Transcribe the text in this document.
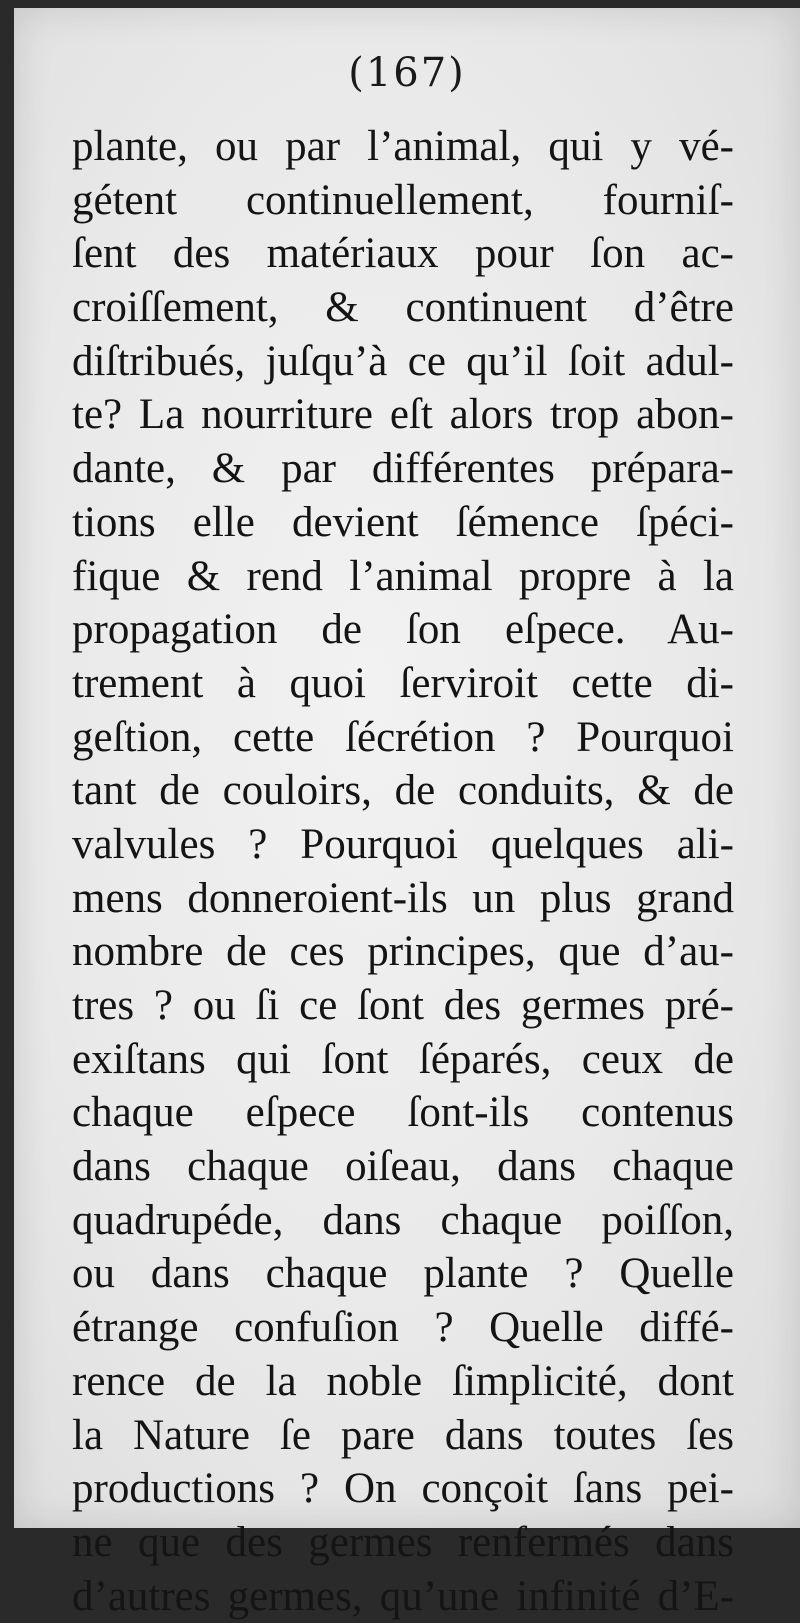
(167)
plante, ou par l’animal, qui y vé-
gétent continuellement, fourniſ-
ſent des matériaux pour ſon ac-
croiſſement, & continuent d’être
diſtribués, juſqu’à ce qu’il ſoit adul-
te? La nourriture eſt alors trop abon-
dante, & par différentes prépara-
tions elle devient ſémence ſpéci-
fique & rend l’animal propre à la
propagation de ſon eſpece. Au-
trement à quoi ſerviroit cette di-
geſtion, cette ſécrétion ? Pourquoi
tant de couloirs, de conduits, & de
valvules ? Pourquoi quelques ali-
mens donneroient-ils un plus grand
nombre de ces principes, que d’au-
tres ? ou ſi ce ſont des germes pré-
exiſtans qui ſont ſéparés, ceux de
chaque eſpece ſont-ils contenus
dans chaque oiſeau, dans chaque
quadrupéde, dans chaque poiſſon,
ou dans chaque plante ? Quelle
étrange confuſion ? Quelle diffé-
rence de la noble ſimplicité, dont
la Nature ſe pare dans toutes ſes
productions ? On conçoit ſans pei-
ne que des germes renfermés dans
d’autres germes, qu’une infinité d’E-
